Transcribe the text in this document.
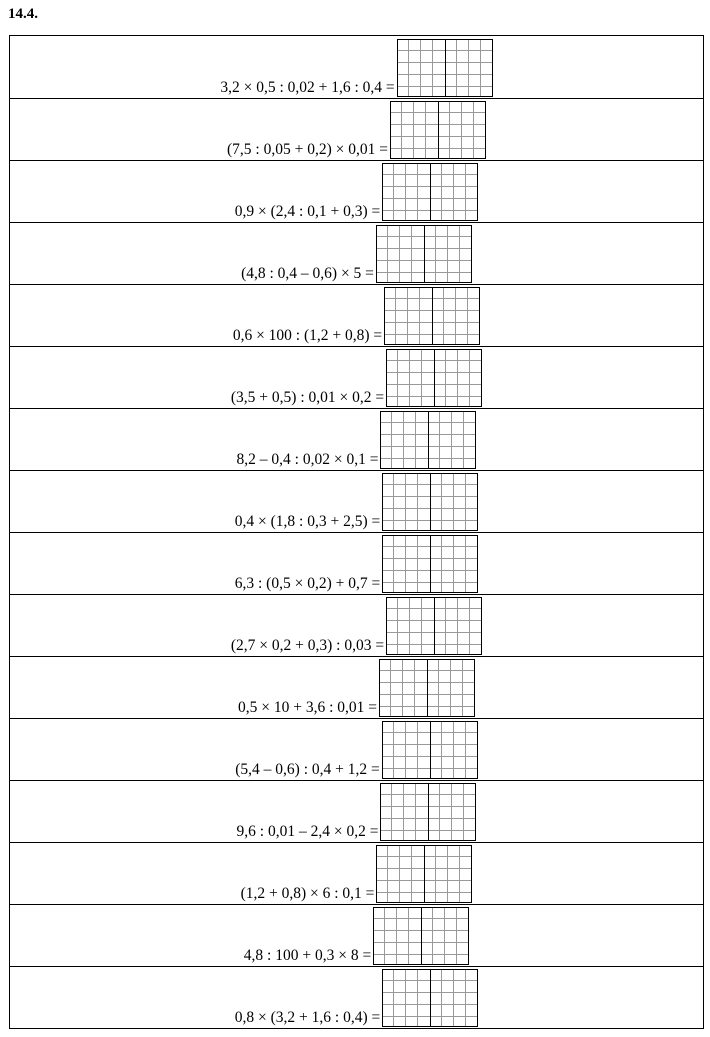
14.4.
3,2 × 0,5 : 0,02 + 1,6 : 0,4 =
(7,5 : 0,05 + 0,2) × 0,01 =
0,9 × (2,4 : 0,1 + 0,3) =
(4,8 : 0,4 – 0,6) × 5 =
0,6 × 100 : (1,2 + 0,8) =
(3,5 + 0,5) : 0,01 × 0,2 =
8,2 – 0,4 : 0,02 × 0,1 =
0,4 × (1,8 : 0,3 + 2,5) =
6,3 : (0,5 × 0,2) + 0,7 =
(2,7 × 0,2 + 0,3) : 0,03 =
0,5 × 10 + 3,6 : 0,01 =
(5,4 – 0,6) : 0,4 + 1,2 =
9,6 : 0,01 – 2,4 × 0,2 =
(1,2 + 0,8) × 6 : 0,1 =
4,8 : 100 + 0,3 × 8 =
0,8 × (3,2 + 1,6 : 0,4) =
